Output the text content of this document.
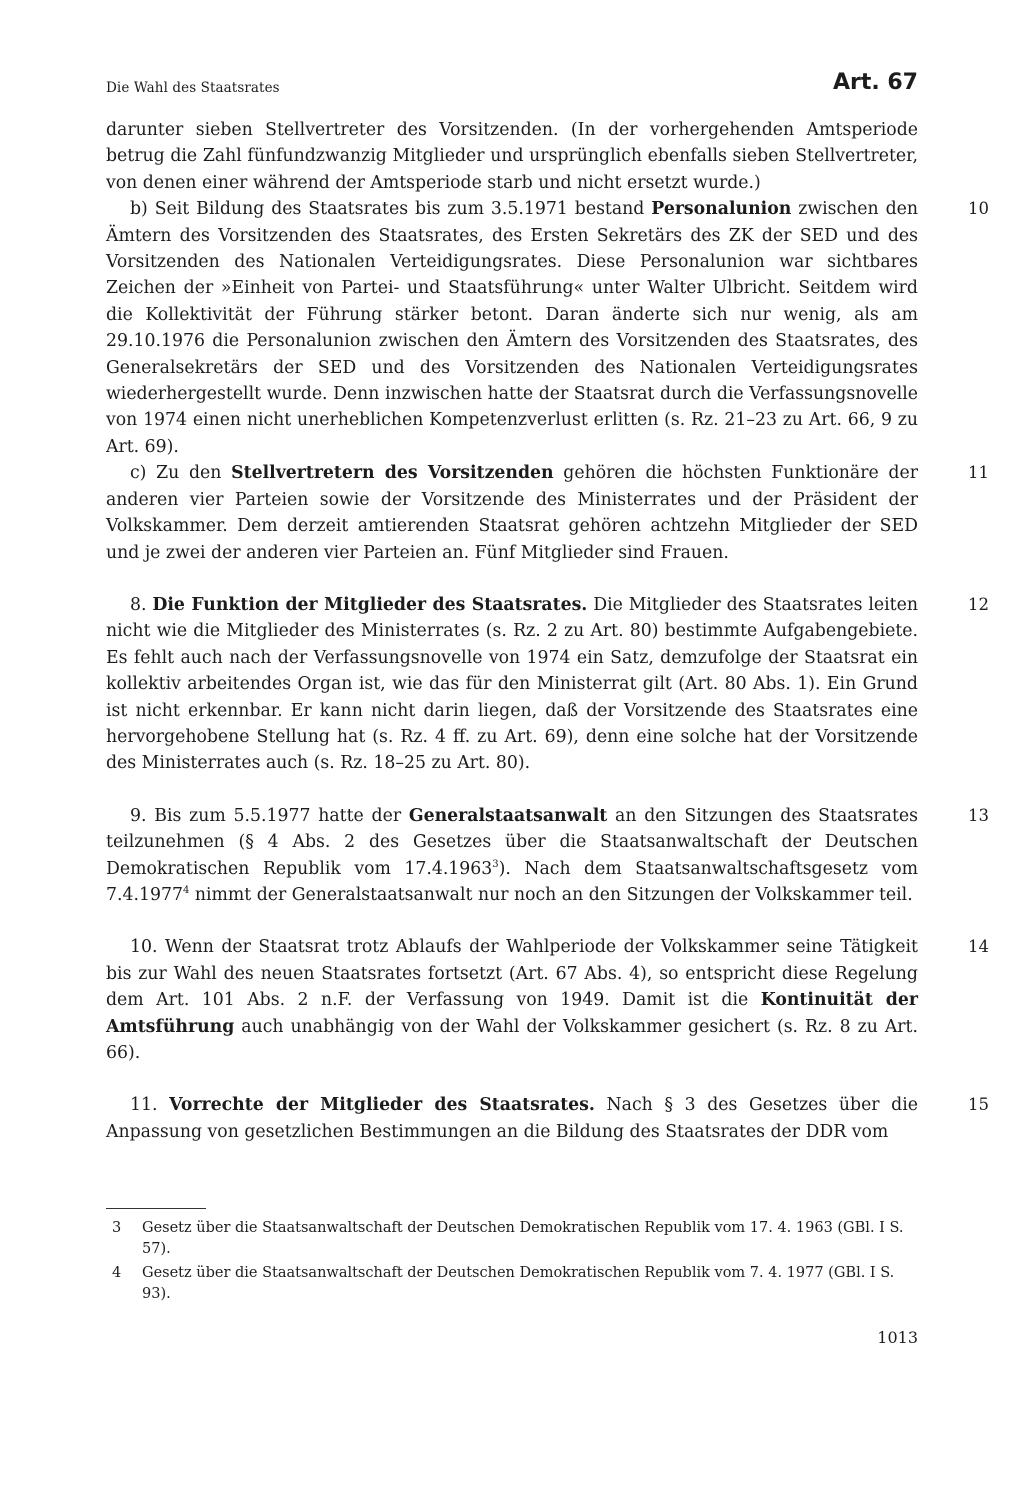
Die Wahl des Staatsrates	Art. 67
darunter sieben Stellvertreter des Vorsitzenden. (In der vorhergehenden Amtsperiode betrug die Zahl fünfundzwanzig Mitglieder und ursprünglich ebenfalls sieben Stellvertreter, von denen einer während der Amtsperiode starb und nicht ersetzt wurde.)
10
b) Seit Bildung des Staatsrates bis zum 3.5.1971 bestand Personalunion zwischen den Ämtern des Vorsitzenden des Staatsrates, des Ersten Sekretärs des ZK der SED und des Vorsitzenden des Nationalen Verteidigungsrates. Diese Personalunion war sichtbares Zeichen der »Einheit von Partei- und Staatsführung« unter Walter Ulbricht. Seitdem wird die Kollektivität der Führung stärker betont. Daran änderte sich nur wenig, als am 29.10.1976 die Personalunion zwischen den Ämtern des Vorsitzenden des Staatsrates, des Generalsekretärs der SED und des Vorsitzenden des Nationalen Verteidigungsrates wiederhergestellt wurde. Denn inzwischen hatte der Staatsrat durch die Verfassungsnovelle von 1974 einen nicht unerheblichen Kompetenzverlust erlitten (s. Rz. 21–23 zu Art. 66, 9 zu Art. 69).
11
c) Zu den Stellvertretern des Vorsitzenden gehören die höchsten Funktionäre der anderen vier Parteien sowie der Vorsitzende des Ministerrates und der Präsident der Volkskammer. Dem derzeit amtierenden Staatsrat gehören achtzehn Mitglieder der SED und je zwei der anderen vier Parteien an. Fünf Mitglieder sind Frauen.
12
8. Die Funktion der Mitglieder des Staatsrates. Die Mitglieder des Staatsrates leiten nicht wie die Mitglieder des Ministerrates (s. Rz. 2 zu Art. 80) bestimmte Aufgabengebiete. Es fehlt auch nach der Verfassungsnovelle von 1974 ein Satz, demzufolge der Staatsrat ein kollektiv arbeitendes Organ ist, wie das für den Ministerrat gilt (Art. 80 Abs. 1). Ein Grund ist nicht erkennbar. Er kann nicht darin liegen, daß der Vorsitzende des Staatsrates eine hervorgehobene Stellung hat (s. Rz. 4 ff. zu Art. 69), denn eine solche hat der Vorsitzende des Ministerrates auch (s. Rz. 18–25 zu Art. 80).
13
9. Bis zum 5.5.1977 hatte der Generalstaatsanwalt an den Sitzungen des Staatsrates teilzunehmen (§ 4 Abs. 2 des Gesetzes über die Staatsanwaltschaft der Deutschen Demokratischen Republik vom 17.4.1963$^3$). Nach dem Staatsanwaltschaftsgesetz vom 7.4.1977$^4$ nimmt der Generalstaatsanwalt nur noch an den Sitzungen der Volkskammer teil.
14
10. Wenn der Staatsrat trotz Ablaufs der Wahlperiode der Volkskammer seine Tätigkeit bis zur Wahl des neuen Staatsrates fortsetzt (Art. 67 Abs. 4), so entspricht diese Regelung dem Art. 101 Abs. 2 n.F. der Verfassung von 1949. Damit ist die Kontinuität der Amtsführung auch unabhängig von der Wahl der Volkskammer gesichert (s. Rz. 8 zu Art. 66).
15
11. Vorrechte der Mitglieder des Staatsrates. Nach § 3 des Gesetzes über die Anpassung von gesetzlichen Bestimmungen an die Bildung des Staatsrates der DDR vom
3 Gesetz über die Staatsanwaltschaft der Deutschen Demokratischen Republik vom 17. 4. 1963 (GBl. I S. 57).
4 Gesetz über die Staatsanwaltschaft der Deutschen Demokratischen Republik vom 7. 4. 1977 (GBl. I S. 93).
1013
